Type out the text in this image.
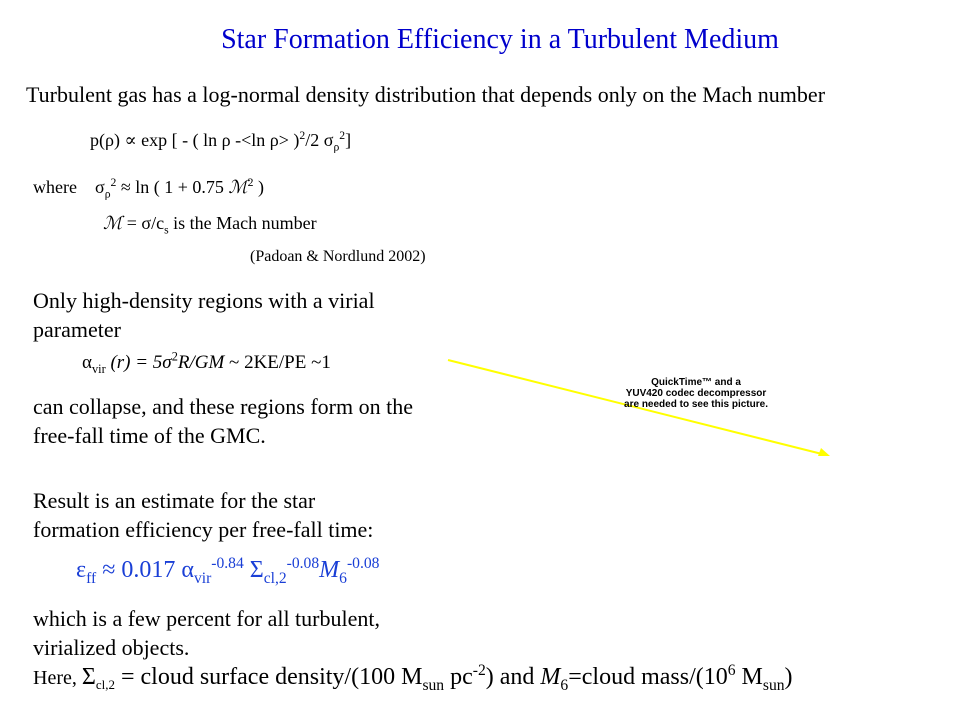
Star Formation Efficiency in a Turbulent Medium
Turbulent gas has a log-normal density distribution that depends only on the Mach number
p(ρ) ∝ exp [ - ( ln ρ -<ln ρ> )$^2$/2 $\sigma_\rho^2$]
where $\sigma_\rho^2 \approx \ln$ ( 1 + 0.75 ℳ$^2$ )
ℳ = $\sigma/c_s$ is the Mach number
(Padoan & Nordlund 2002)
Only high-density regions with a virial
parameter
$\alpha_{vir}$ $(r) = 5\sigma^2R/GM$ ~ 2KE/PE ~1
can collapse, and these regions form on the
free-fall time of the GMC.
Result is an estimate for the star
formation efficiency per free-fall time:
$\varepsilon_{ff} \approx 0.017$ $\alpha_{vir}^{-0.84}$ $\Sigma_{cl,2}^{-0.08}M_6^{-0.08}$
which is a few percent for all turbulent,
virialized objects.
Here, $\Sigma_{cl,2}$ = cloud surface density/(100 $M_{sun}$ $pc^{-2}$) and $M_6=cloud$ mass/($10^6$ $M_{sun}$)
QuickTime™ and a
YUV420 codec decompressor
are needed to see this picture.
